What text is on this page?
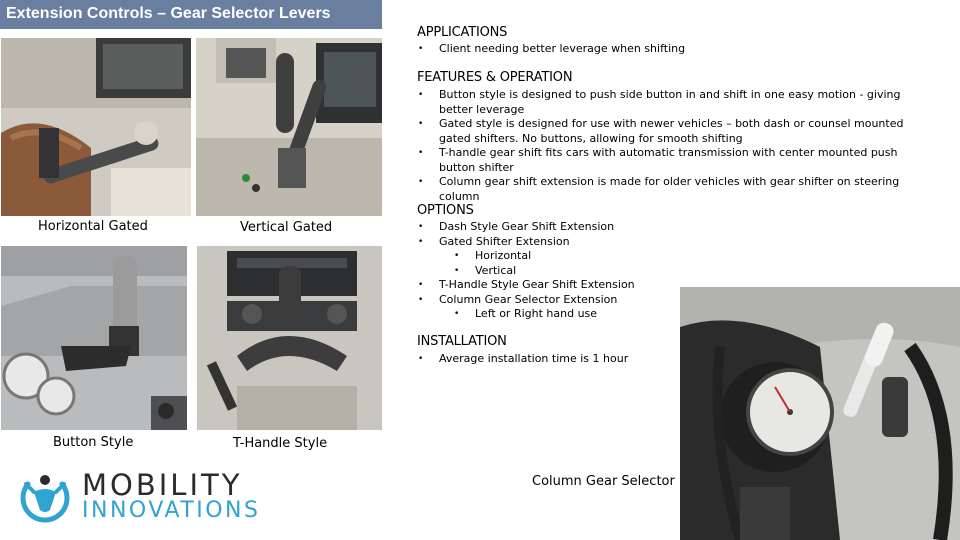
Extension Controls – Gear Selector Levers
Horizontal Gated	Vertical Gated
Button Style	T-Handle Style
Column Gear Selector
APPLICATIONS
• Client needing better leverage when shifting
FEATURES & OPERATION
• Button style is designed to push side button in and shift in one easy motion - giving better leverage
• Gated style is designed for use with newer vehicles – both dash or counsel mounted gated shifters. No buttons, allowing for smooth shifting
• T-handle gear shift fits cars with automatic transmission with center mounted push button shifter
• Column gear shift extension is made for older vehicles with gear shifter on steering column
OPTIONS
• Dash Style Gear Shift Extension
• Gated Shifter Extension
• Horizontal
• Vertical
• T-Handle Style Gear Shift Extension
• Column Gear Selector Extension
• Left or Right hand use
INSTALLATION
• Average installation time is 1 hour
MOBILITY
INNOVATIONS
